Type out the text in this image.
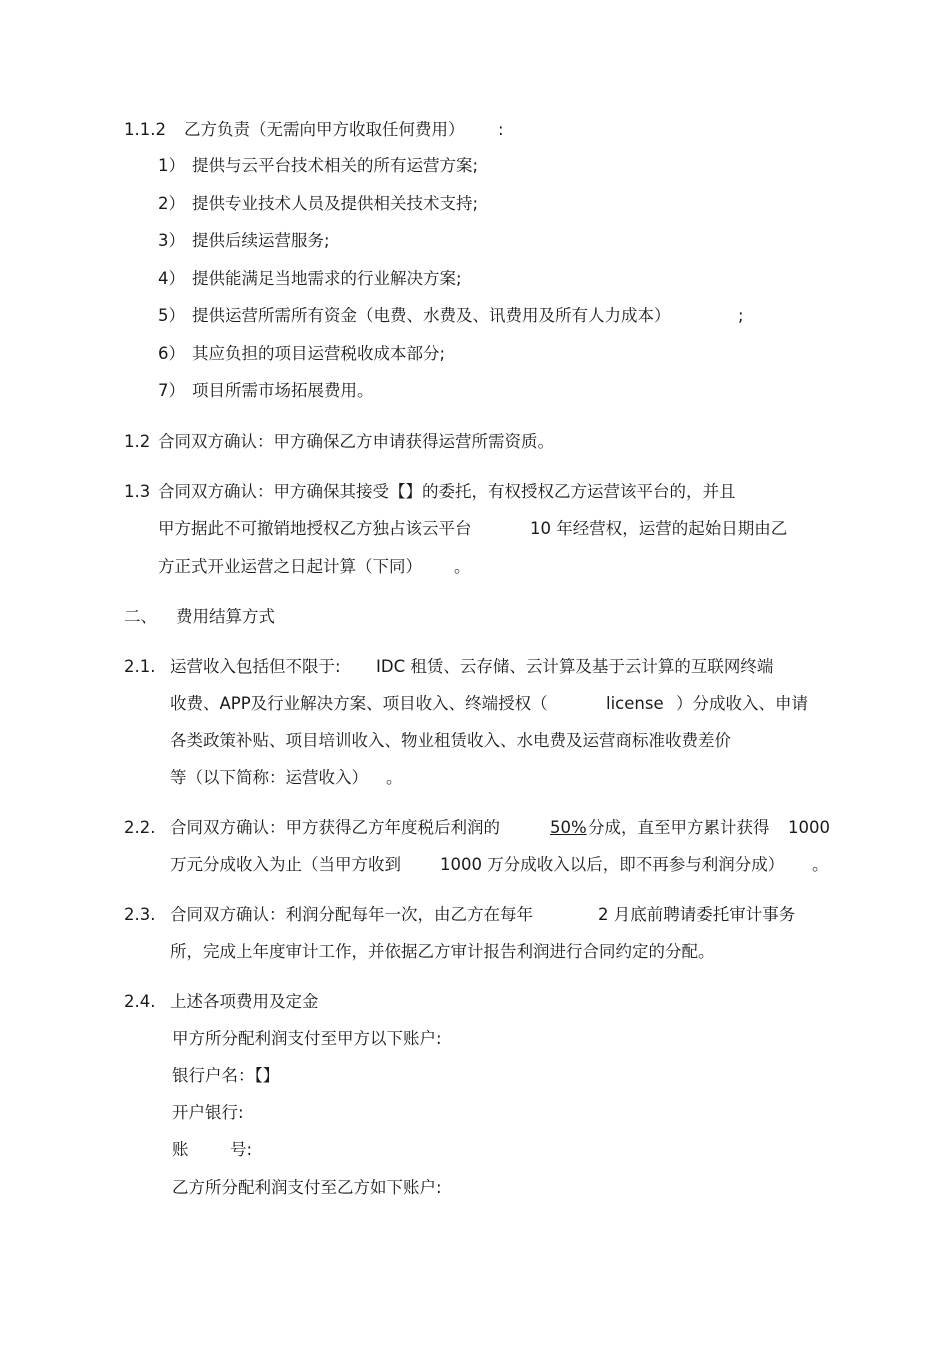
1.1.2 乙方负责（无需向甲方收取任何费用） :
1） 提供与云平台技术相关的所有运营方案;
2） 提供专业技术人员及提供相关技术支持;
3） 提供后续运营服务;
4） 提供能满足当地需求的行业解决方案;
5） 提供运营所需所有资金（电费、水费及、讯费用及所有人力成本）	;
6） 其应负担的项目运营税收成本部分;
7） 项目所需市场拓展费用。
1.2 合同双方确认：甲方确保乙方申请获得运营所需资质。
1.3 合同双方确认：甲方确保其接受【】的委托，有权授权乙方运营该平台的，并且
甲方据此不可撤销地授权乙方独占该云平台	10 年经营权，运营的起始日期由乙
方正式开业运营之日起计算（下同） 。
二、 费用结算方式
2.1. 运营收入包括但不限于: IDC 租赁、云存储、云计算及基于云计算的互联网终端
收费、APP及行业解决方案、项目收入、终端授权（	license ）分成收入、申请
各类政策补贴、项目培训收入、物业租赁收入、水电费及运营商标准收费差价
等（以下简称：运营收入） 。
2.2. 合同双方确认：甲方获得乙方年度税后利润的	50% 分成，直至甲方累计获得 1000
万元分成收入为止（当甲方收到 1000 万分成收入以后，即不再参与利润分成） 。
2.3. 合同双方确认：利润分配每年一次，由乙方在每年	2 月底前聘请委托审计事务
所，完成上年度审计工作，并依据乙方审计报告利润进行合同约定的分配。
2.4. 上述各项费用及定金
甲方所分配利润支付至甲方以下账户:
银行户名：【】
开户银行:
账	号:
乙方所分配利润支付至乙方如下账户:
